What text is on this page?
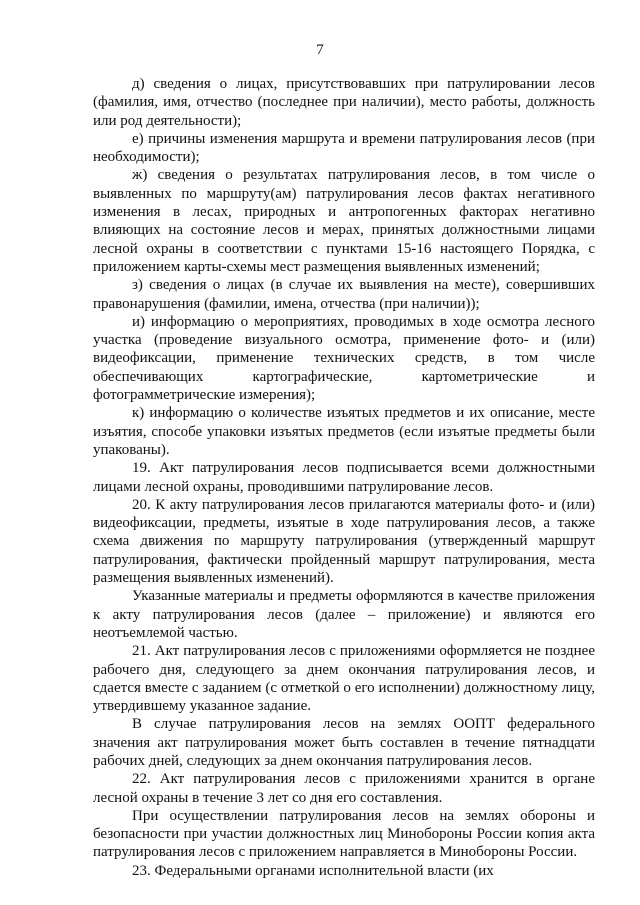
7

д) сведения о лицах, присутствовавших при патрулировании лесов (фамилия, имя, отчество (последнее при наличии), место работы, должность или род деятельности);

е) причины изменения маршрута и времени патрулирования лесов (при необходимости);

ж) сведения о результатах патрулирования лесов, в том числе о выявленных по маршруту(ам) патрулирования лесов фактах негативного изменения в лесах, природных и антропогенных факторах негативно влияющих на состояние лесов и мерах, принятых должностными лицами лесной охраны в соответствии с пунктами 15-16 настоящего Порядка, с приложением карты-схемы мест размещения выявленных изменений;

з) сведения о лицах (в случае их выявления на месте), совершивших правонарушения (фамилии, имена, отчества (при наличии));

и) информацию о мероприятиях, проводимых в ходе осмотра лесного участка (проведение визуального осмотра, применение фото- и (или) видеофиксации, применение технических средств, в том числе обеспечивающих картографические, картометрические и фотограмметрические измерения);

к) информацию о количестве изъятых предметов и их описание, месте изъятия, способе упаковки изъятых предметов (если изъятые предметы были упакованы).

19. Акт патрулирования лесов подписывается всеми должностными лицами лесной охраны, проводившими патрулирование лесов.

20. К акту патрулирования лесов прилагаются материалы фото- и (или) видеофиксации, предметы, изъятые в ходе патрулирования лесов, а также схема движения по маршруту патрулирования (утвержденный маршрут патрулирования, фактически пройденный маршрут патрулирования, места размещения выявленных изменений).

Указанные материалы и предметы оформляются в качестве приложения к акту патрулирования лесов (далее – приложение) и являются его неотъемлемой частью.

21. Акт патрулирования лесов с приложениями оформляется не позднее рабочего дня, следующего за днем окончания патрулирования лесов, и сдается вместе с заданием (с отметкой о его исполнении) должностному лицу, утвердившему указанное задание.

В случае патрулирования лесов на землях ООПТ федерального значения акт патрулирования может быть составлен в течение пятнадцати рабочих дней, следующих за днем окончания патрулирования лесов.

22. Акт патрулирования лесов с приложениями хранится в органе лесной охраны в течение 3 лет со дня его составления.

При осуществлении патрулирования лесов на землях обороны и безопасности при участии должностных лиц Минобороны России копия акта патрулирования лесов с приложением направляется в Минобороны России.

23. Федеральными органами исполнительной власти (их
